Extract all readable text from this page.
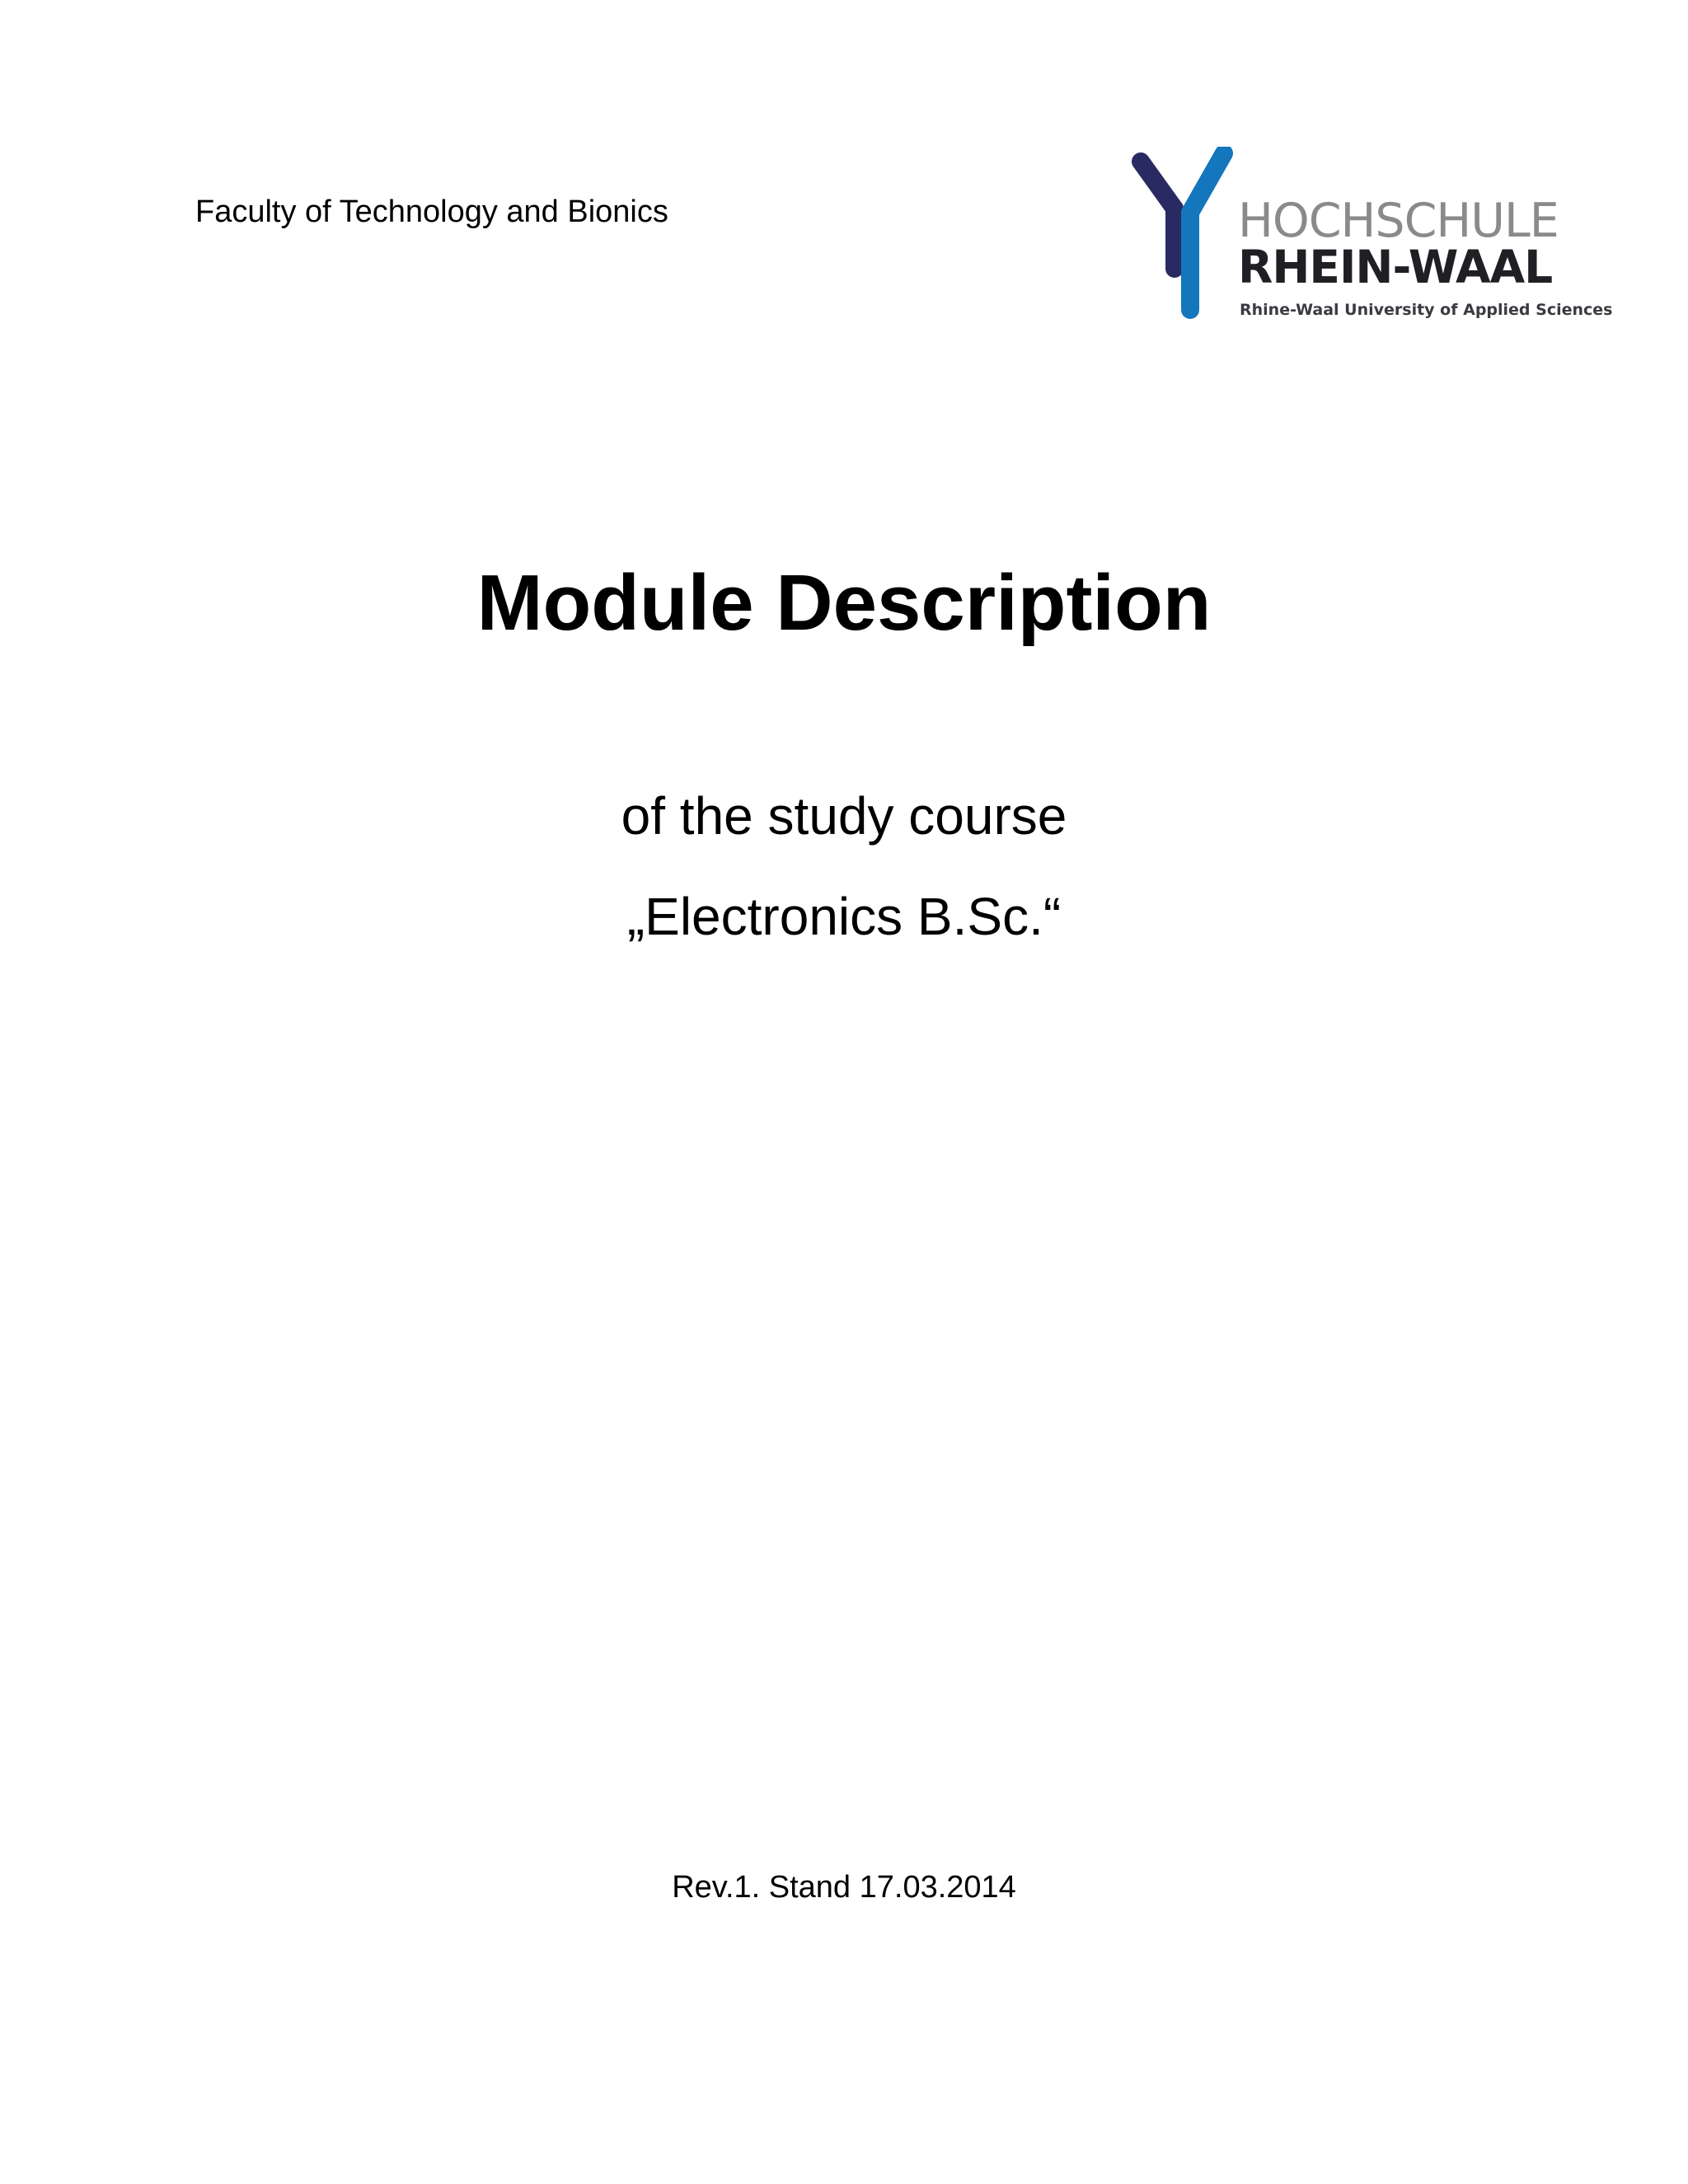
Faculty of Technology and Bionics	HOCHSCHULE
RHEIN-WAAL
Rhine-Waal University of Applied Sciences
Module Description
of the study course
„Electronics B.Sc.“
Rev.1. Stand 17.03.2014
